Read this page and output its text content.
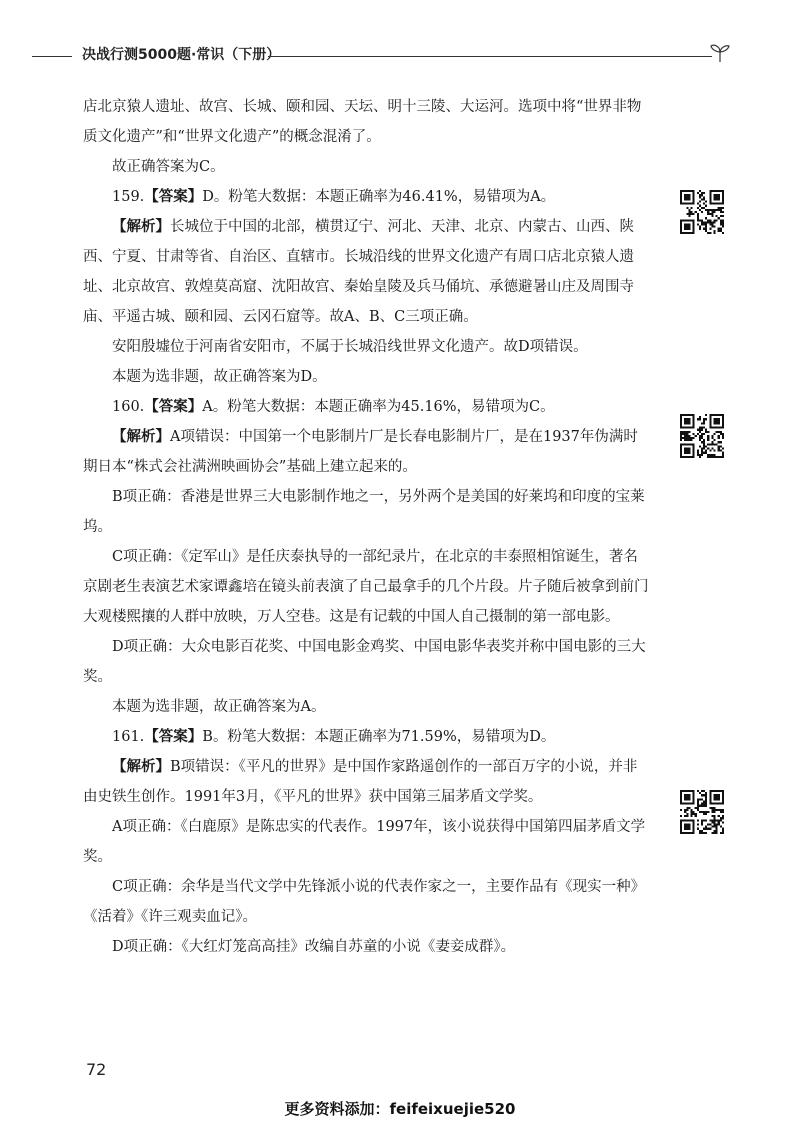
决战行测5000题·常识（下册）

店北京猿人遗址、故宫、长城、颐和园、天坛、明十三陵、大运河。选项中将“世界非物质文化遗产”和“世界文化遗产”的概念混淆了。

故正确答案为C。

159.【答案】D。粉笔大数据：本题正确率为46.41%，易错项为A。

【解析】长城位于中国的北部，横贯辽宁、河北、天津、北京、内蒙古、山西、陕西、宁夏、甘肃等省、自治区、直辖市。长城沿线的世界文化遗产有周口店北京猿人遗址、北京故宫、敦煌莫高窟、沈阳故宫、秦始皇陵及兵马俑坑、承德避暑山庄及周围寺庙、平遥古城、颐和园、云冈石窟等。故A、B、C三项正确。

安阳殷墟位于河南省安阳市，不属于长城沿线世界文化遗产。故D项错误。

本题为选非题，故正确答案为D。

160.【答案】A。粉笔大数据：本题正确率为45.16%，易错项为C。

【解析】A项错误：中国第一个电影制片厂是长春电影制片厂，是在1937年伪满时期日本“株式会社满洲映画协会”基础上建立起来的。

B项正确：香港是世界三大电影制作地之一，另外两个是美国的好莱坞和印度的宝莱坞。

C项正确：《定军山》是任庆泰执导的一部纪录片，在北京的丰泰照相馆诞生，著名京剧老生表演艺术家谭鑫培在镜头前表演了自己最拿手的几个片段。片子随后被拿到前门大观楼熙攘的人群中放映，万人空巷。这是有记载的中国人自己摄制的第一部电影。

D项正确：大众电影百花奖、中国电影金鸡奖、中国电影华表奖并称中国电影的三大奖。

本题为选非题，故正确答案为A。

161.【答案】B。粉笔大数据：本题正确率为71.59%，易错项为D。

【解析】B项错误：《平凡的世界》是中国作家路遥创作的一部百万字的小说，并非由史铁生创作。1991年3月，《平凡的世界》获中国第三届茅盾文学奖。

A项正确：《白鹿原》是陈忠实的代表作。1997年，该小说获得中国第四届茅盾文学奖。

C项正确：余华是当代文学中先锋派小说的代表作家之一，主要作品有《现实一种》《活着》《许三观卖血记》。

D项正确：《大红灯笼高高挂》改编自苏童的小说《妻妾成群》。

72
更多资料添加：feifeixuejie520
